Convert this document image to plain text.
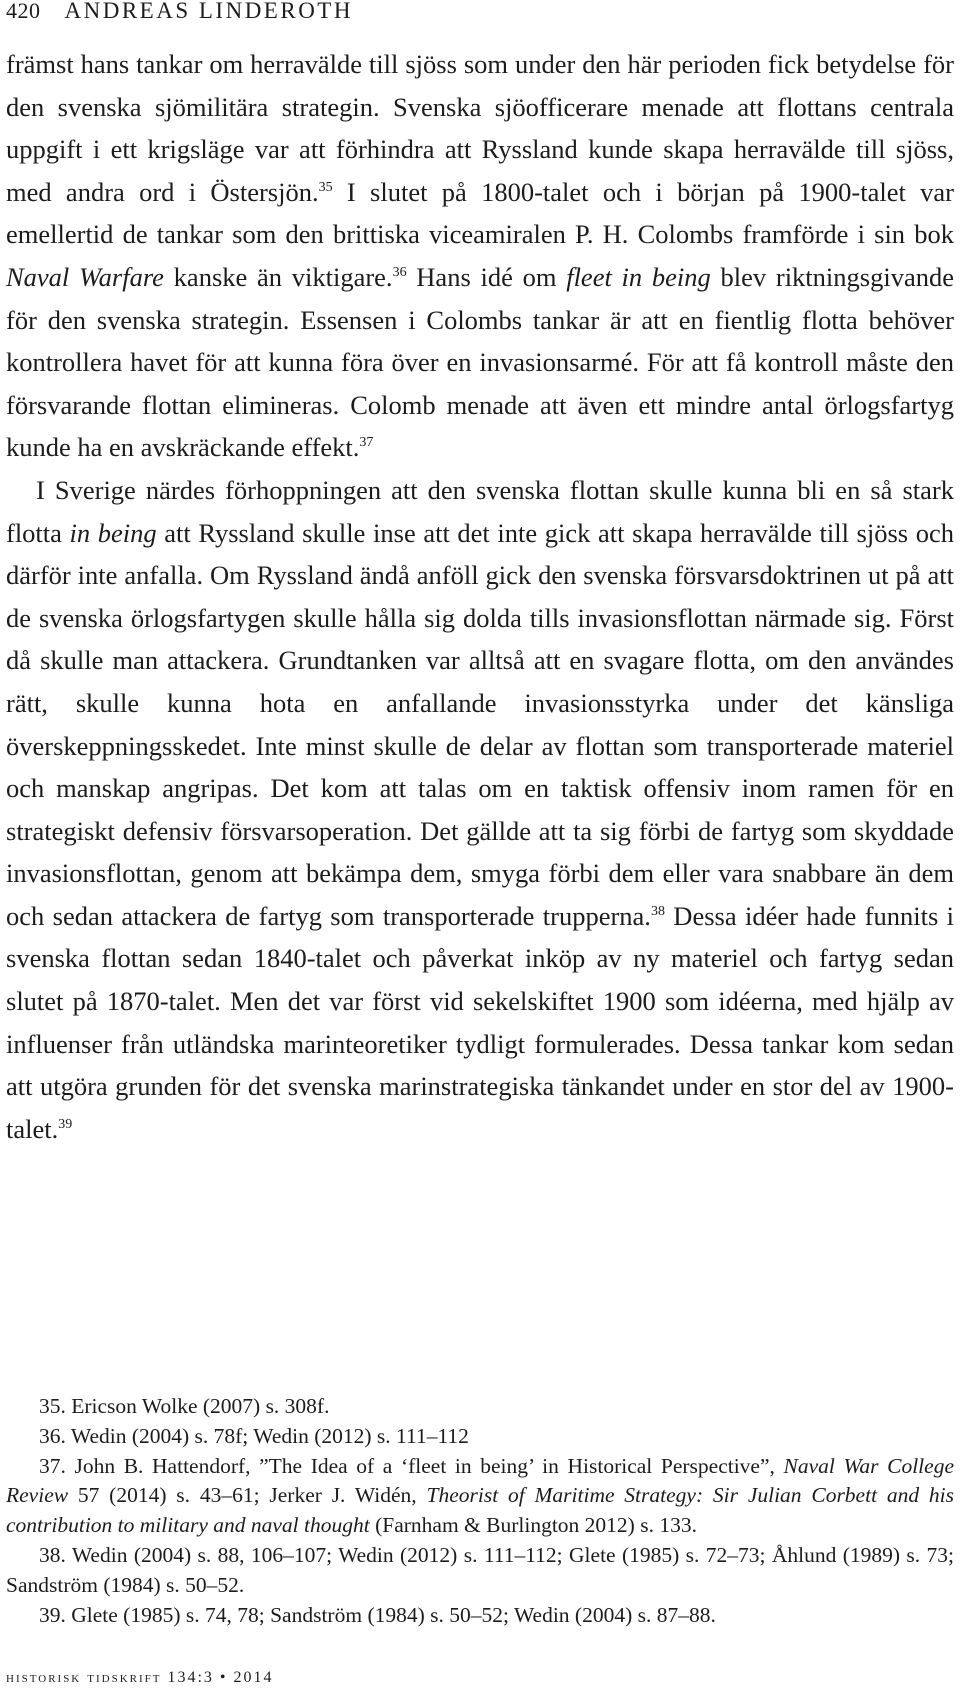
420 ANDREAS LINDEROTH

främst hans tankar om herravälde till sjöss som under den här perioden fick betydelse för den svenska sjömilitära strategin. Svenska sjöofficerare menade att flottans centrala uppgift i ett krigsläge var att förhindra att Ryssland kunde skapa herravälde till sjöss, med andra ord i Östersjön.$^{35}$ I slutet på 1800-talet och i början på 1900-talet var emellertid de tankar som den brittiska viceamiralen P. H. Colombs framförde i sin bok Naval Warfare kanske än viktigare.$^{36}$ Hans idé om fleet in being blev riktningsgivande för den svenska strategin. Essensen i Colombs tankar är att en fientlig flotta behöver kontrollera havet för att kunna föra över en invasionsarmé. För att få kontroll måste den försvarande flottan elimineras. Colomb menade att även ett mindre antal örlogsfartyg kunde ha en avskräckande effekt.$^{37}$

I Sverige närdes förhoppningen att den svenska flottan skulle kunna bli en så stark flotta in being att Ryssland skulle inse att det inte gick att skapa herravälde till sjöss och därför inte anfalla. Om Ryssland ändå anföll gick den svenska försvarsdoktrinen ut på att de svenska örlogsfartygen skulle hålla sig dolda tills invasionsflottan närmade sig. Först då skulle man attackera. Grundtanken var alltså att en svagare flotta, om den användes rätt, skulle kunna hota en anfallande invasionsstyrka under det känsliga överskeppningsskedet. Inte minst skulle de delar av flottan som transporterade materiel och manskap angripas. Det kom att talas om en taktisk offensiv inom ramen för en strategiskt defensiv försvarsoperation. Det gällde att ta sig förbi de fartyg som skyddade invasionsflottan, genom att bekämpa dem, smyga förbi dem eller vara snabbare än dem och sedan attackera de fartyg som transporterade trupperna.$^{38}$ Dessa idéer hade funnits i svenska flottan sedan 1840-talet och påverkat inköp av ny materiel och fartyg sedan slutet på 1870-talet. Men det var först vid sekelskiftet 1900 som idéerna, med hjälp av influenser från utländska marinteoretiker tydligt formulerades. Dessa tankar kom sedan att utgöra grunden för det svenska marinstrategiska tänkandet under en stor del av 1900-talet.$^{39}$

35. Ericson Wolke (2007) s. 308f.

36. Wedin (2004) s. 78f; Wedin (2012) s. 111–112

37. John B. Hattendorf, ”The Idea of a ‘fleet in being’ in Historical Perspective”, Naval War College Review 57 (2014) s. 43–61; Jerker J. Widén, Theorist of Maritime Strategy: Sir Julian Corbett and his contribution to military and naval thought (Farnham & Burlington 2012) s. 133.

38. Wedin (2004) s. 88, 106–107; Wedin (2012) s. 111–112; Glete (1985) s. 72–73; Åhlund (1989) s. 73; Sandström (1984) s. 50–52.

39. Glete (1985) s. 74, 78; Sandström (1984) s. 50–52; Wedin (2004) s. 87–88.

historisk tidskrift 134:3 • 2014
